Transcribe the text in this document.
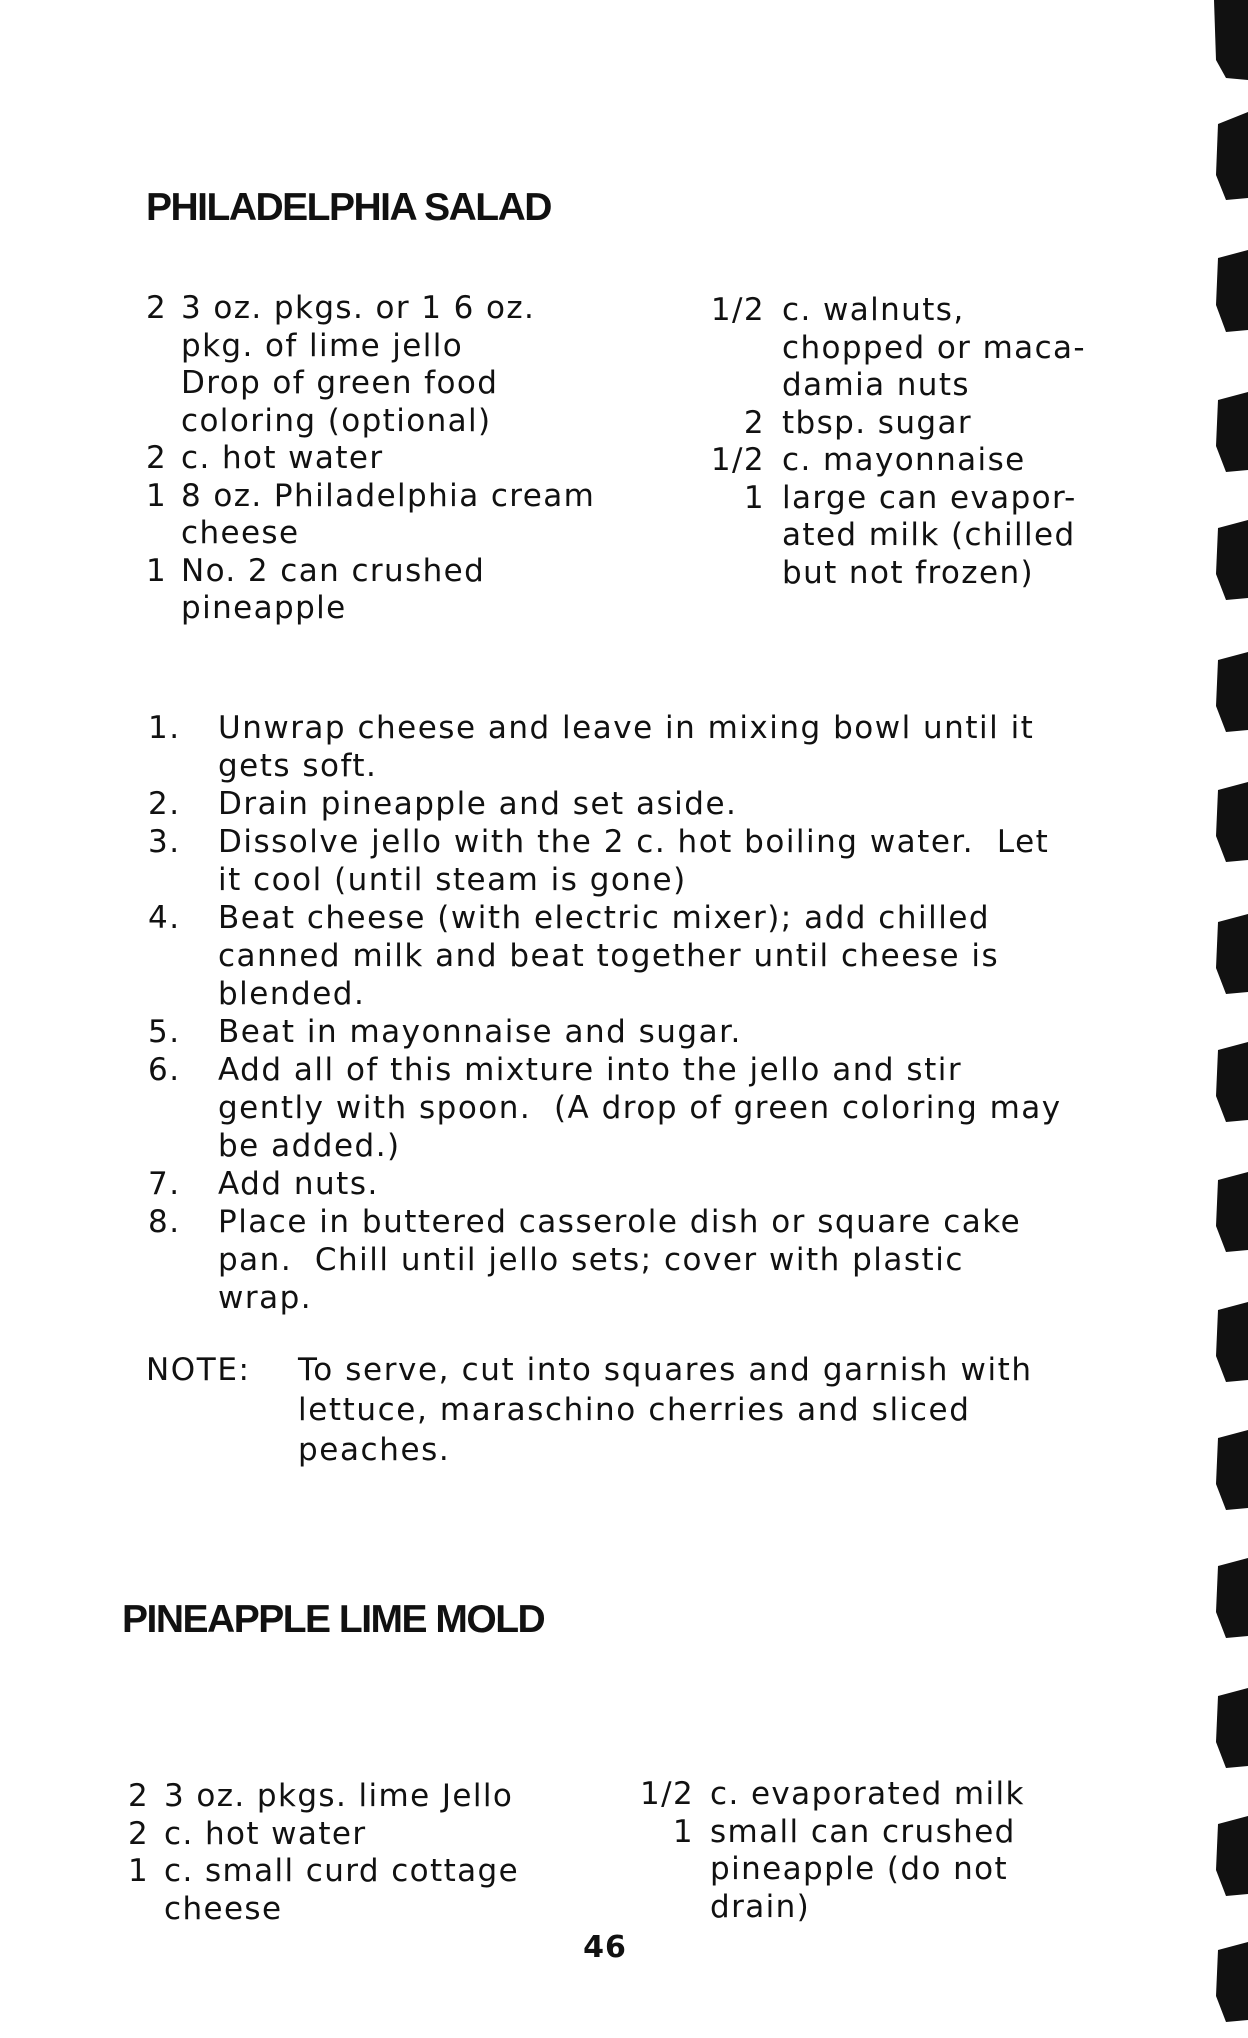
PHILADELPHIA SALAD
2 3 oz. pkgs. or 1 6 oz.
pkg. of lime jello
Drop of green food
coloring (optional)
2 c. hot water
1 8 oz. Philadelphia cream
cheese
1 No. 2 can crushed
pineapple
1/2 c. walnuts,
chopped or maca-
damia nuts
2 tbsp. sugar
1/2 c. mayonnaise
1 large can evapor-
ated milk (chilled
but not frozen)
1. Unwrap cheese and leave in mixing bowl until it
gets soft.
2. Drain pineapple and set aside.
3. Dissolve jello with the 2 c. hot boiling water.  Let
it cool (until steam is gone)
4. Beat cheese (with electric mixer); add chilled
canned milk and beat together until cheese is
blended.
5. Beat in mayonnaise and sugar.
6. Add all of this mixture into the jello and stir
gently with spoon.  (A drop of green coloring may
be added.)
7. Add nuts.
8. Place in buttered casserole dish or square cake
pan.  Chill until jello sets; cover with plastic
wrap.
NOTE: To serve, cut into squares and garnish with
lettuce, maraschino cherries and sliced
peaches.
PINEAPPLE LIME MOLD
2 3 oz. pkgs. lime Jello
2 c. hot water
1 c. small curd cottage
cheese
1/2 c. evaporated milk
1 small can crushed
pineapple (do not
drain)
46
